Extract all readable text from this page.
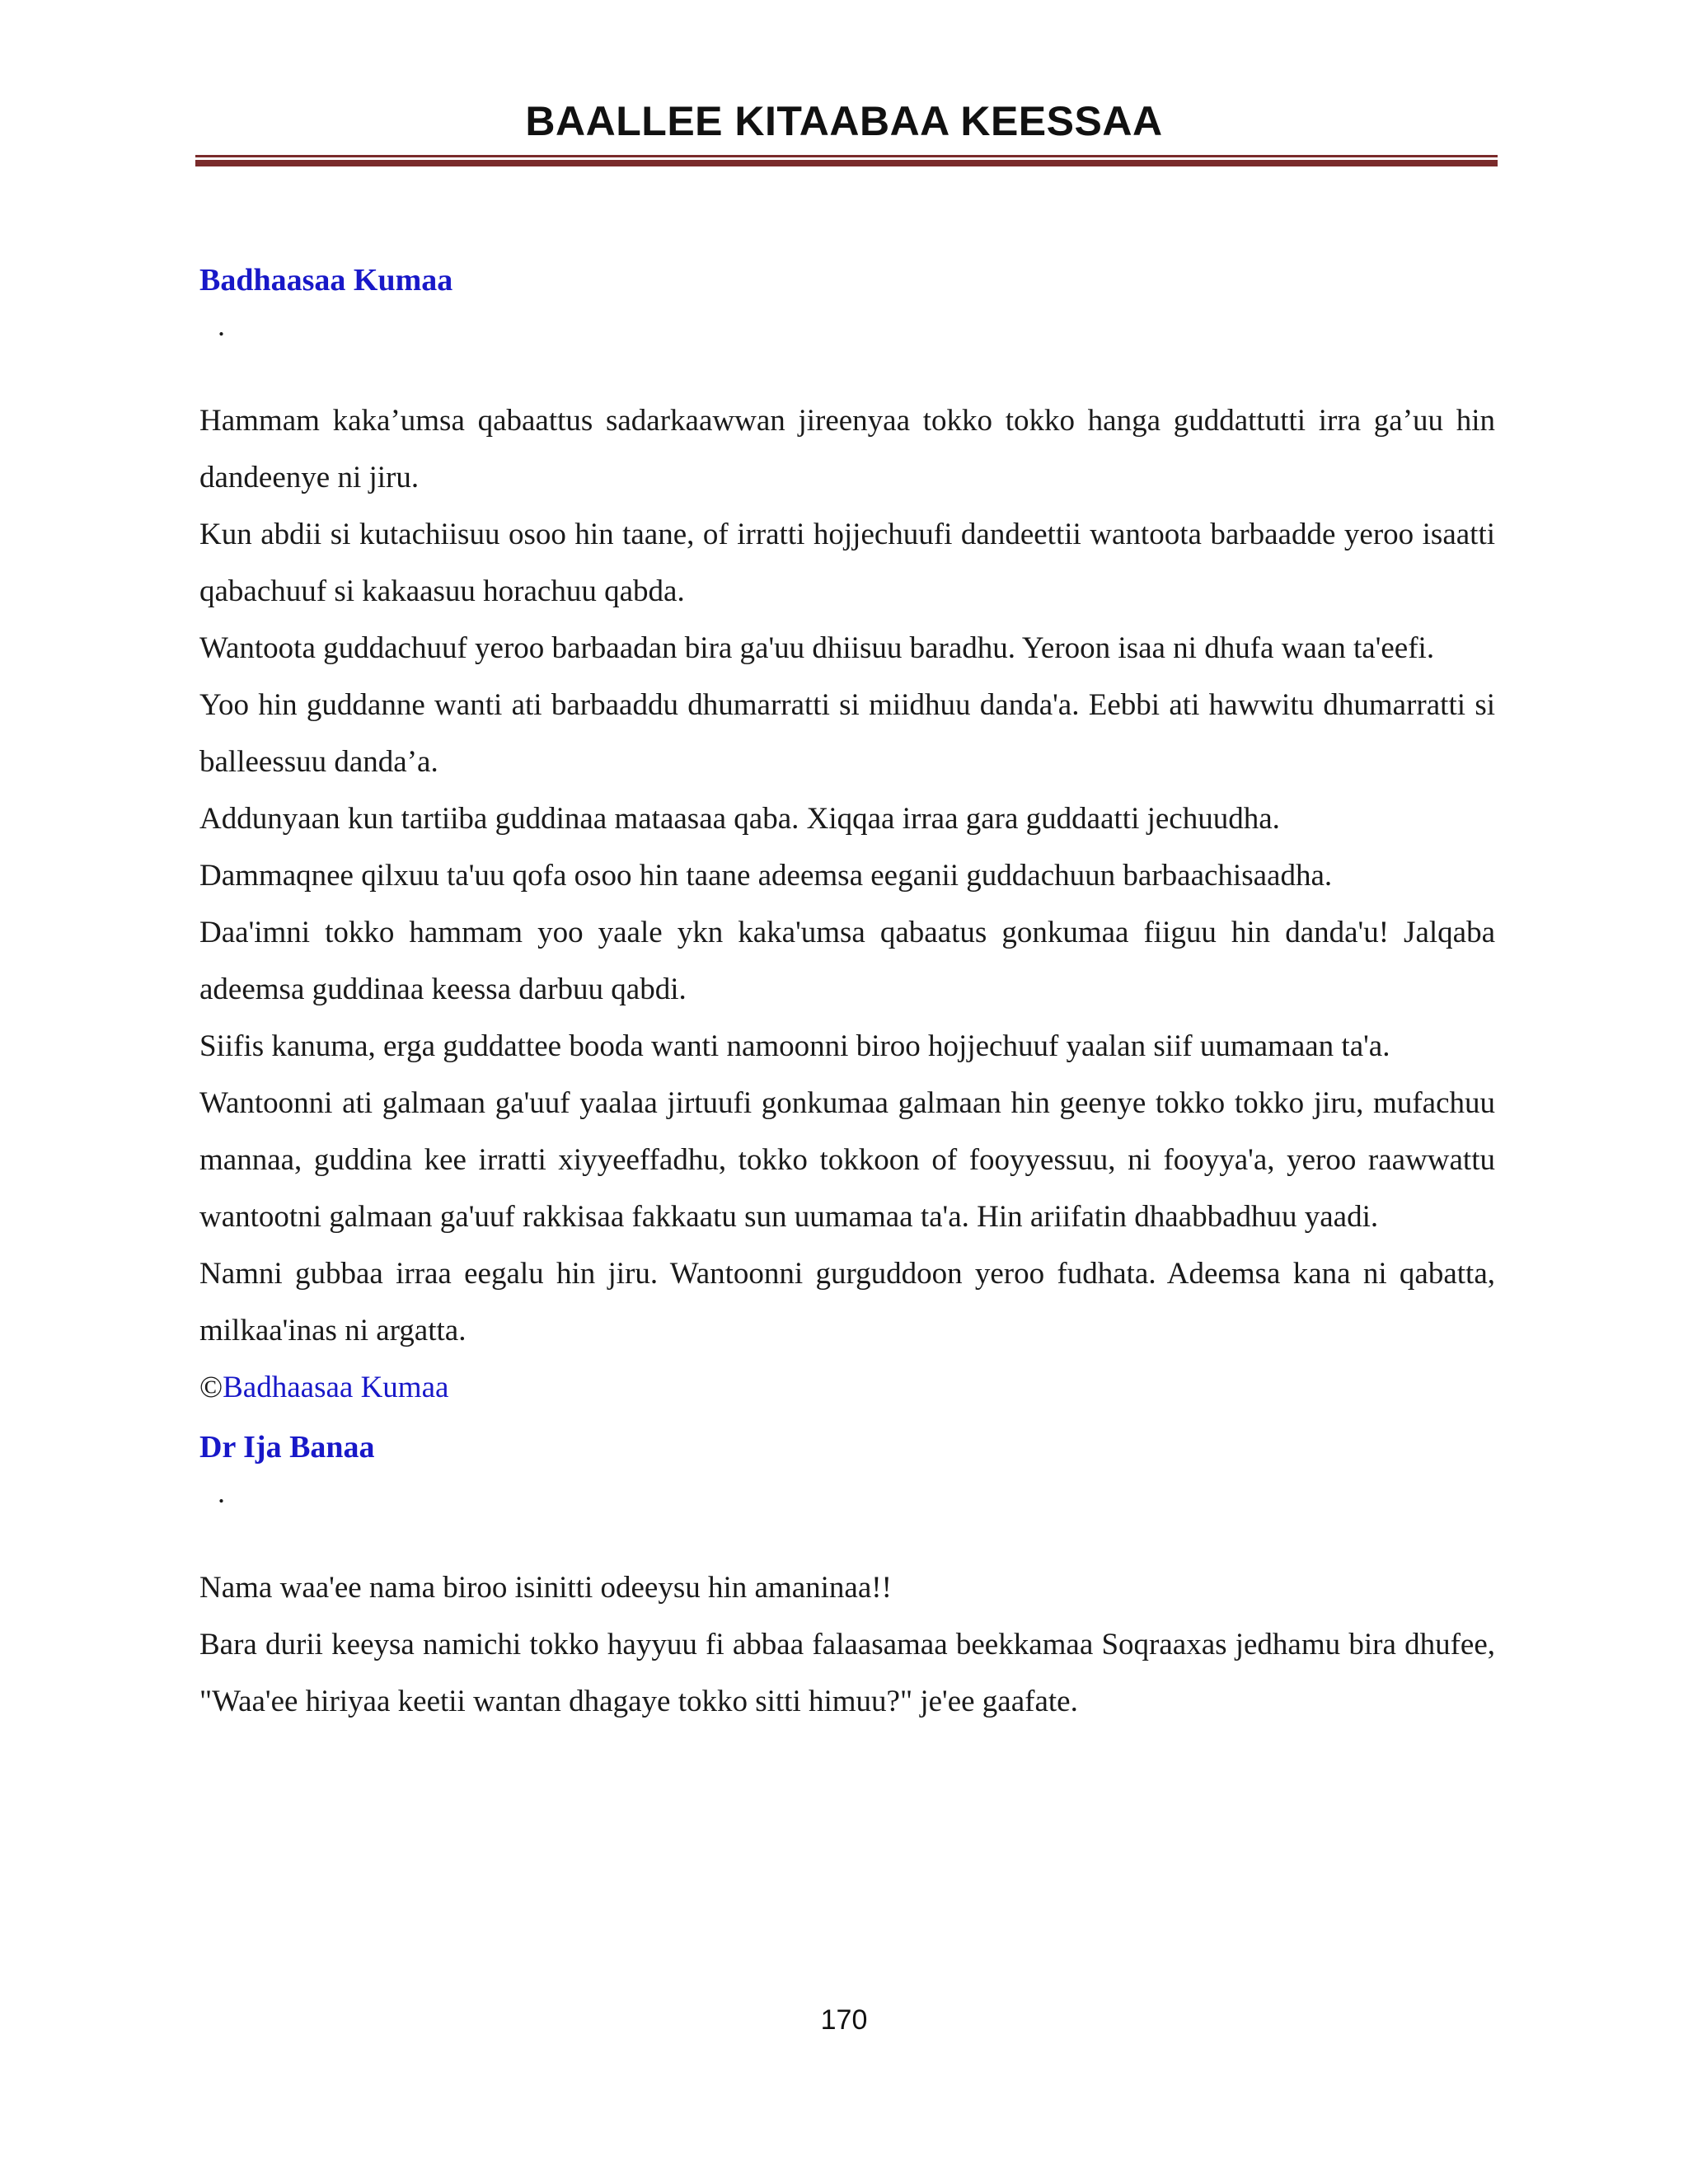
BAALLEE KITAABAA KEESSAA

Badhaasaa Kumaa

.

Hammam kaka’umsa qabaattus sadarkaawwan jireenyaa tokko tokko hanga guddattutti irra ga’uu hin dandeenye ni jiru.

Kun abdii si kutachiisuu osoo hin taane, of irratti hojjechuufi dandeettii wantoota barbaadde yeroo isaatti qabachuuf si kakaasuu horachuu qabda.

Wantoota guddachuuf yeroo barbaadan bira ga'uu dhiisuu baradhu. Yeroon isaa ni dhufa waan ta'eefi.

Yoo hin guddanne wanti ati barbaaddu dhumarratti si miidhuu danda'a. Eebbi ati hawwitu dhumarratti si balleessuu danda’a.

Addunyaan kun tartiiba guddinaa mataasaa qaba. Xiqqaa irraa gara guddaatti jechuudha.

Dammaqnee qilxuu ta'uu qofa osoo hin taane adeemsa eeganii guddachuun barbaachisaadha.

Daa'imni tokko hammam yoo yaale ykn kaka'umsa qabaatus gonkumaa fiiguu hin danda'u! Jalqaba adeemsa guddinaa keessa darbuu qabdi.

Siifis kanuma, erga guddattee booda wanti namoonni biroo hojjechuuf yaalan siif uumamaan ta'a.

Wantoonni ati galmaan ga'uuf yaalaa jirtuufi gonkumaa galmaan hin geenye tokko tokko jiru, mufachuu mannaa, guddina kee irratti xiyyeeffadhu, tokko tokkoon of fooyyessuu, ni fooyya'a, yeroo raawwattu wantootni galmaan ga'uuf rakkisaa fakkaatu sun uumamaa ta'a. Hin ariifatin dhaabbadhuu yaadi.

Namni gubbaa irraa eegalu hin jiru. Wantoonni gurguddoon yeroo fudhata. Adeemsa kana ni qabatta, milkaa'inas ni argatta.

©Badhaasaa Kumaa

Dr Ija Banaa

.

Nama waa'ee nama biroo isinitti odeeysu hin amaninaa!!

Bara durii keeysa namichi tokko hayyuu fi abbaa falaasamaa beekkamaa Soqraaxas jedhamu bira dhufee, "Waa'ee hiriyaa keetii wantan dhagaye tokko sitti himuu?" je'ee gaafate.

170
